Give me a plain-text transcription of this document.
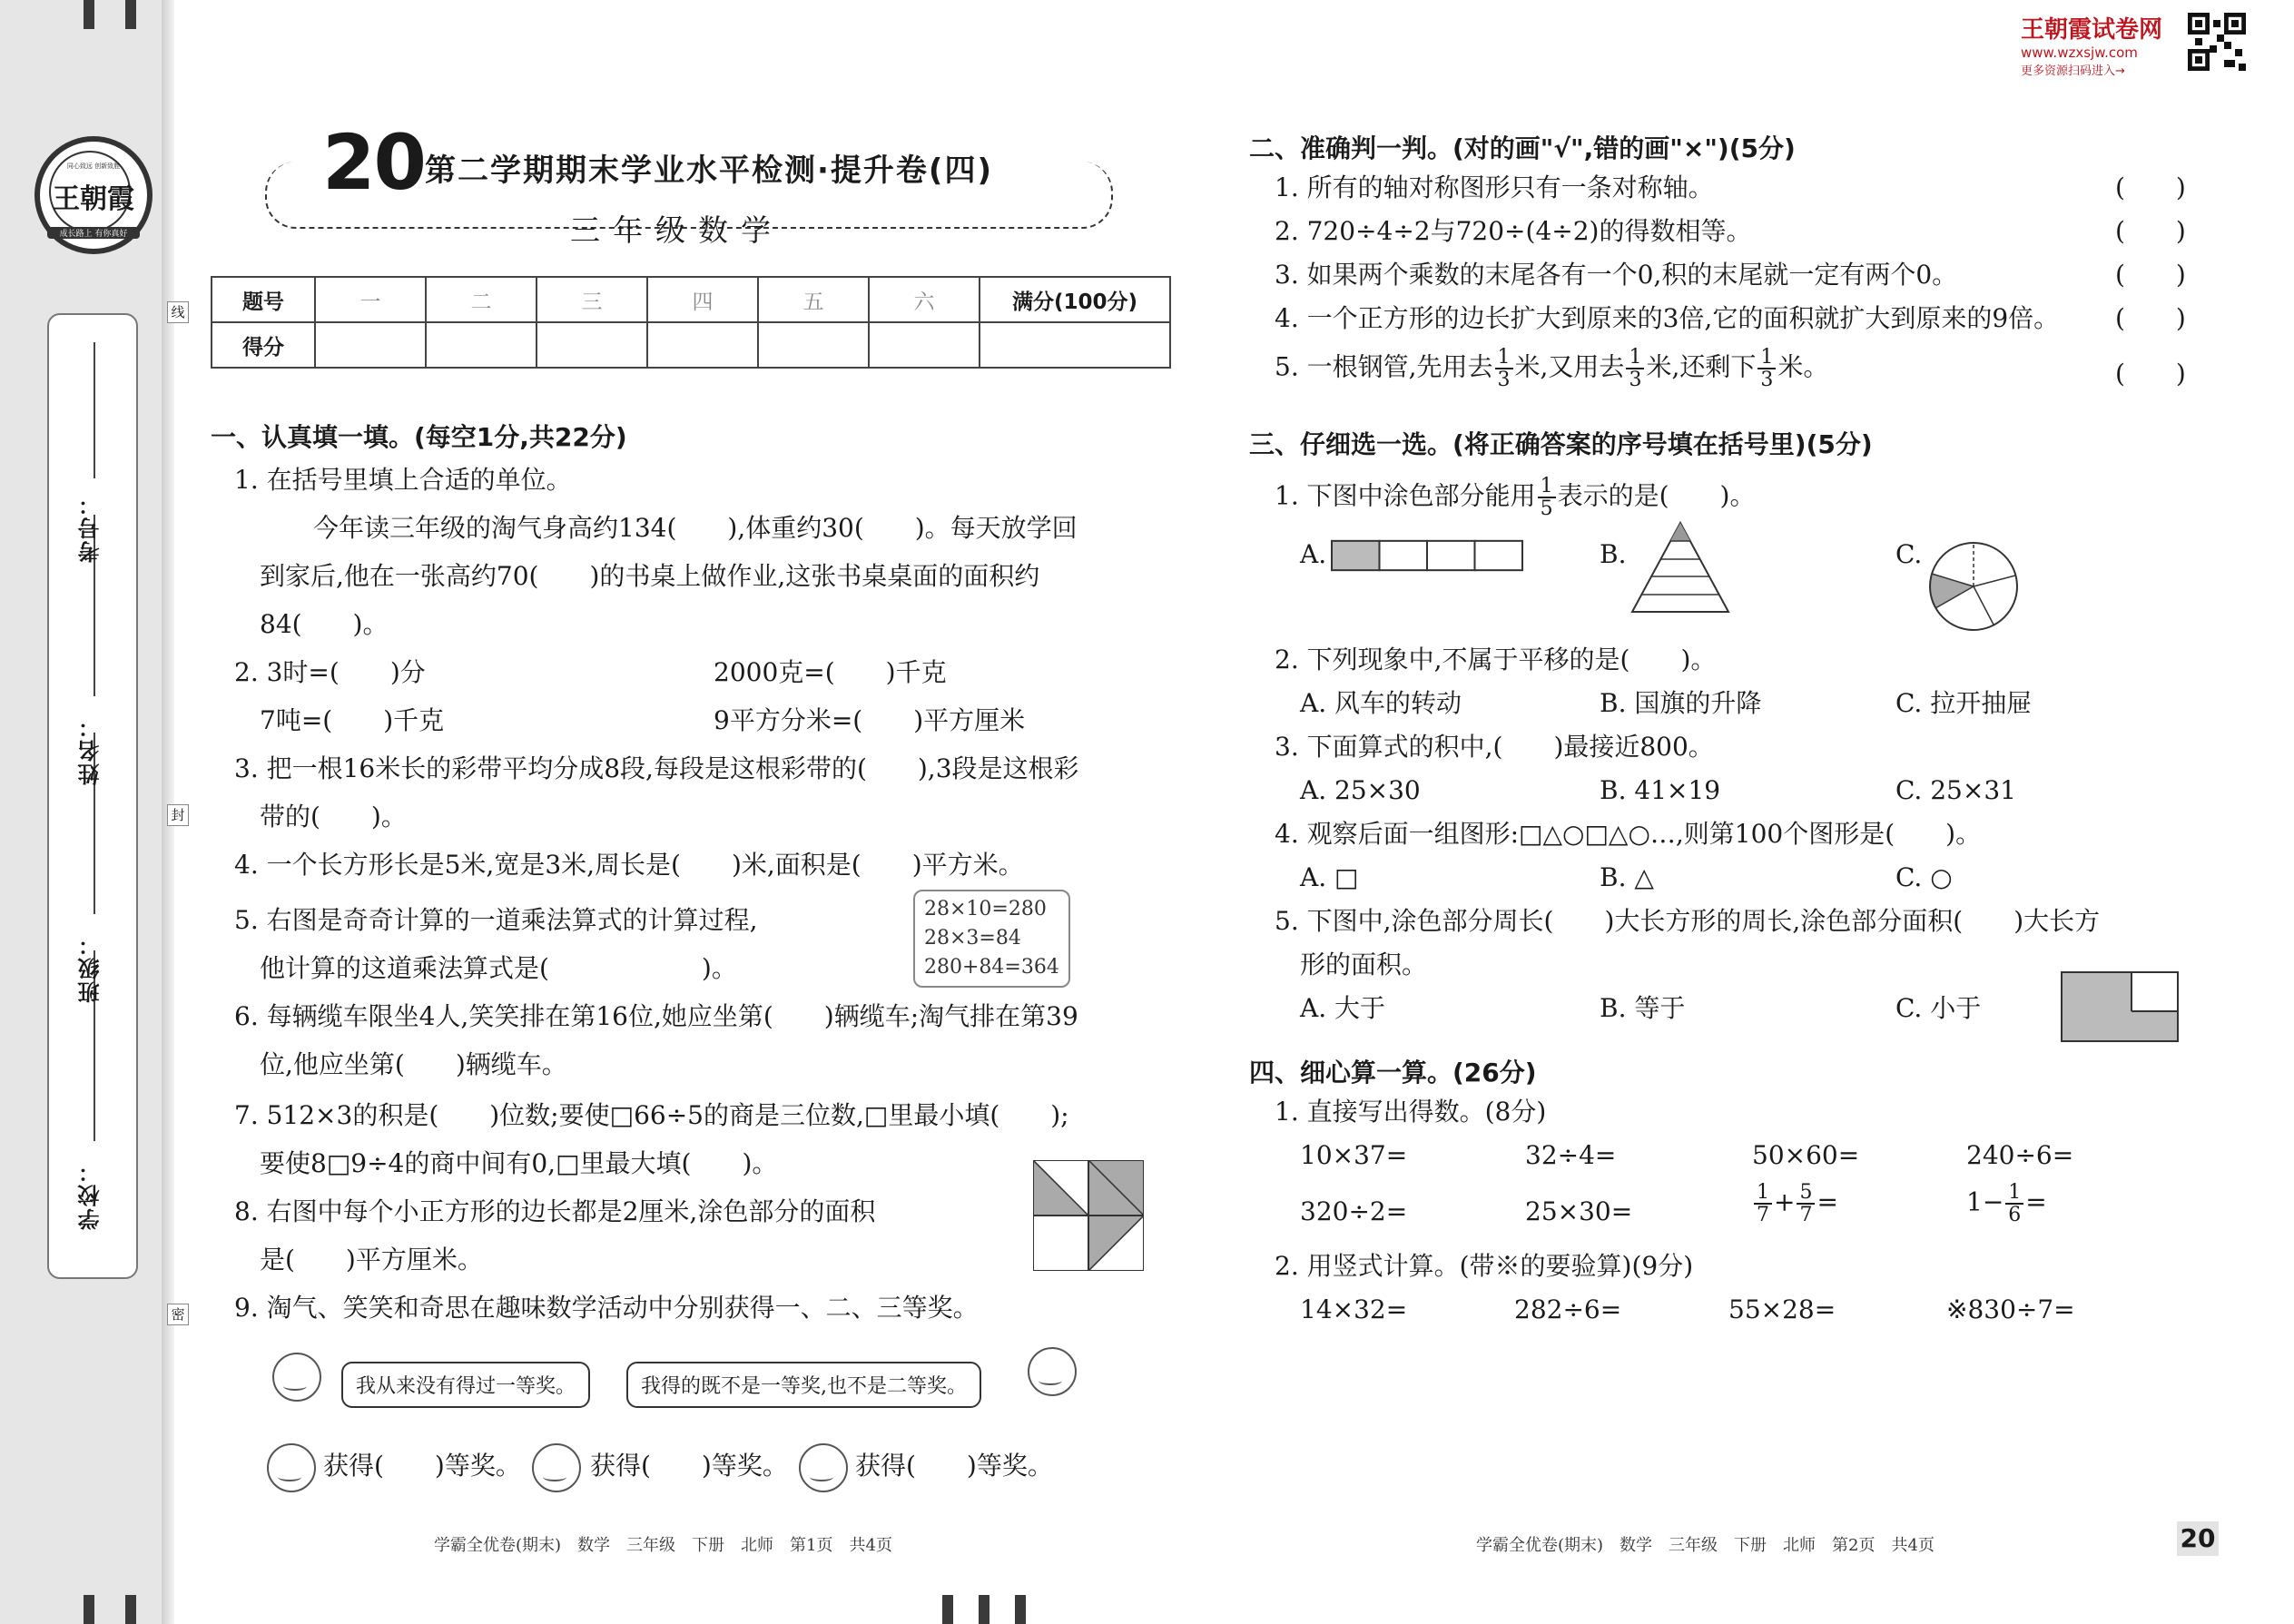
王朝霞
同心致远 创新致胜
成长路上 有你真好
学校：
班级：
姓名：
考号：
线
封
密
20 第二学期期末学业水平检测·提升卷(四)
三年级数学
王朝霞试卷网
www.wzxsjw.com
更多资源扫码进入→
题号	一	二	三	四	五	六	满分(100分)
得分							
一、认真填一填。(每空1分,共22分)
1. 在括号里填上合适的单位。
今年读三年级的淘气身高约134(　　),体重约30(　　)。每天放学回
到家后,他在一张高约70(　　)的书桌上做作业,这张书桌桌面的面积约
84(　　)。
2. 3时=(　　)分	2000克=(　　)千克
7吨=(　　)千克	9平方分米=(　　)平方厘米
3. 把一根16米长的彩带平均分成8段,每段是这根彩带的(　　),3段是这根彩
带的(　　)。
4. 一个长方形长是5米,宽是3米,周长是(　　)米,面积是(　　)平方米。
5. 右图是奇奇计算的一道乘法算式的计算过程,
他计算的这道乘法算式是(　　　　　　)。
28×10=280
28×3=84
280+84=364
6. 每辆缆车限坐4人,笑笑排在第16位,她应坐第(　　)辆缆车;淘气排在第39
位,他应坐第(　　)辆缆车。
7. 512×3的积是(　　)位数;要使□66÷5的商是三位数,□里最小填(　　);
要使8□9÷4的商中间有0,□里最大填(　　)。
8. 右图中每个小正方形的边长都是2厘米,涂色部分的面积
是(　　)平方厘米。
9. 淘气、笑笑和奇思在趣味数学活动中分别获得一、二、三等奖。
我从来没有得过一等奖。	我得的既不是一等奖,也不是二等奖。
获得(　　)等奖。	获得(　　)等奖。	获得(　　)等奖。
学霸全优卷(期末)　数学　三年级　下册　北师　第1页　共4页
二、准确判一判。(对的画"√",错的画"×")(5分)
1. 所有的轴对称图形只有一条对称轴。	(　　)
2. 720÷4÷2与720÷(4÷2)的得数相等。	(　　)
3. 如果两个乘数的末尾各有一个0,积的末尾就一定有两个0。	(　　)
4. 一个正方形的边长扩大到原来的3倍,它的面积就扩大到原来的9倍。 (　　)
5. 一根钢管,先用去 $\frac{1}{3}$ 米,又用去 $\frac{1}{3}$ 米,还剩下 $\frac{1}{3}$ 米。	(　　)
三、仔细选一选。(将正确答案的序号填在括号里)(5分)
1. 下图中涂色部分能用 $\frac{1}{5}$ 表示的是(　　)。
A.	B.	C.
2. 下列现象中,不属于平移的是(　　)。
A. 风车的转动	B. 国旗的升降	C. 拉开抽屉
3. 下面算式的积中,(　　)最接近800。
A. 25×30	B. 41×19	C. 25×31
4. 观察后面一组图形:□△○□△○…,则第100个图形是(　　)。
A. □	B. △	C. ○
5. 下图中,涂色部分周长(　　)大长方形的周长,涂色部分面积(　　)大长方
形的面积。
A. 大于	B. 等于	C. 小于
四、细心算一算。(26分)
1. 直接写出得数。(8分)
10×37=	32÷4=	50×60=	240÷6=
320÷2=	25×30=	$\frac{1}{7} + \frac{5}{7}$ =	$1- \frac{1}{6}$ =
2. 用竖式计算。(带※的要验算)(9分)
14×32=	282÷6=	55×28=	※830÷7=
学霸全优卷(期末)　数学　三年级　下册　北师　第2页　共4页	20
